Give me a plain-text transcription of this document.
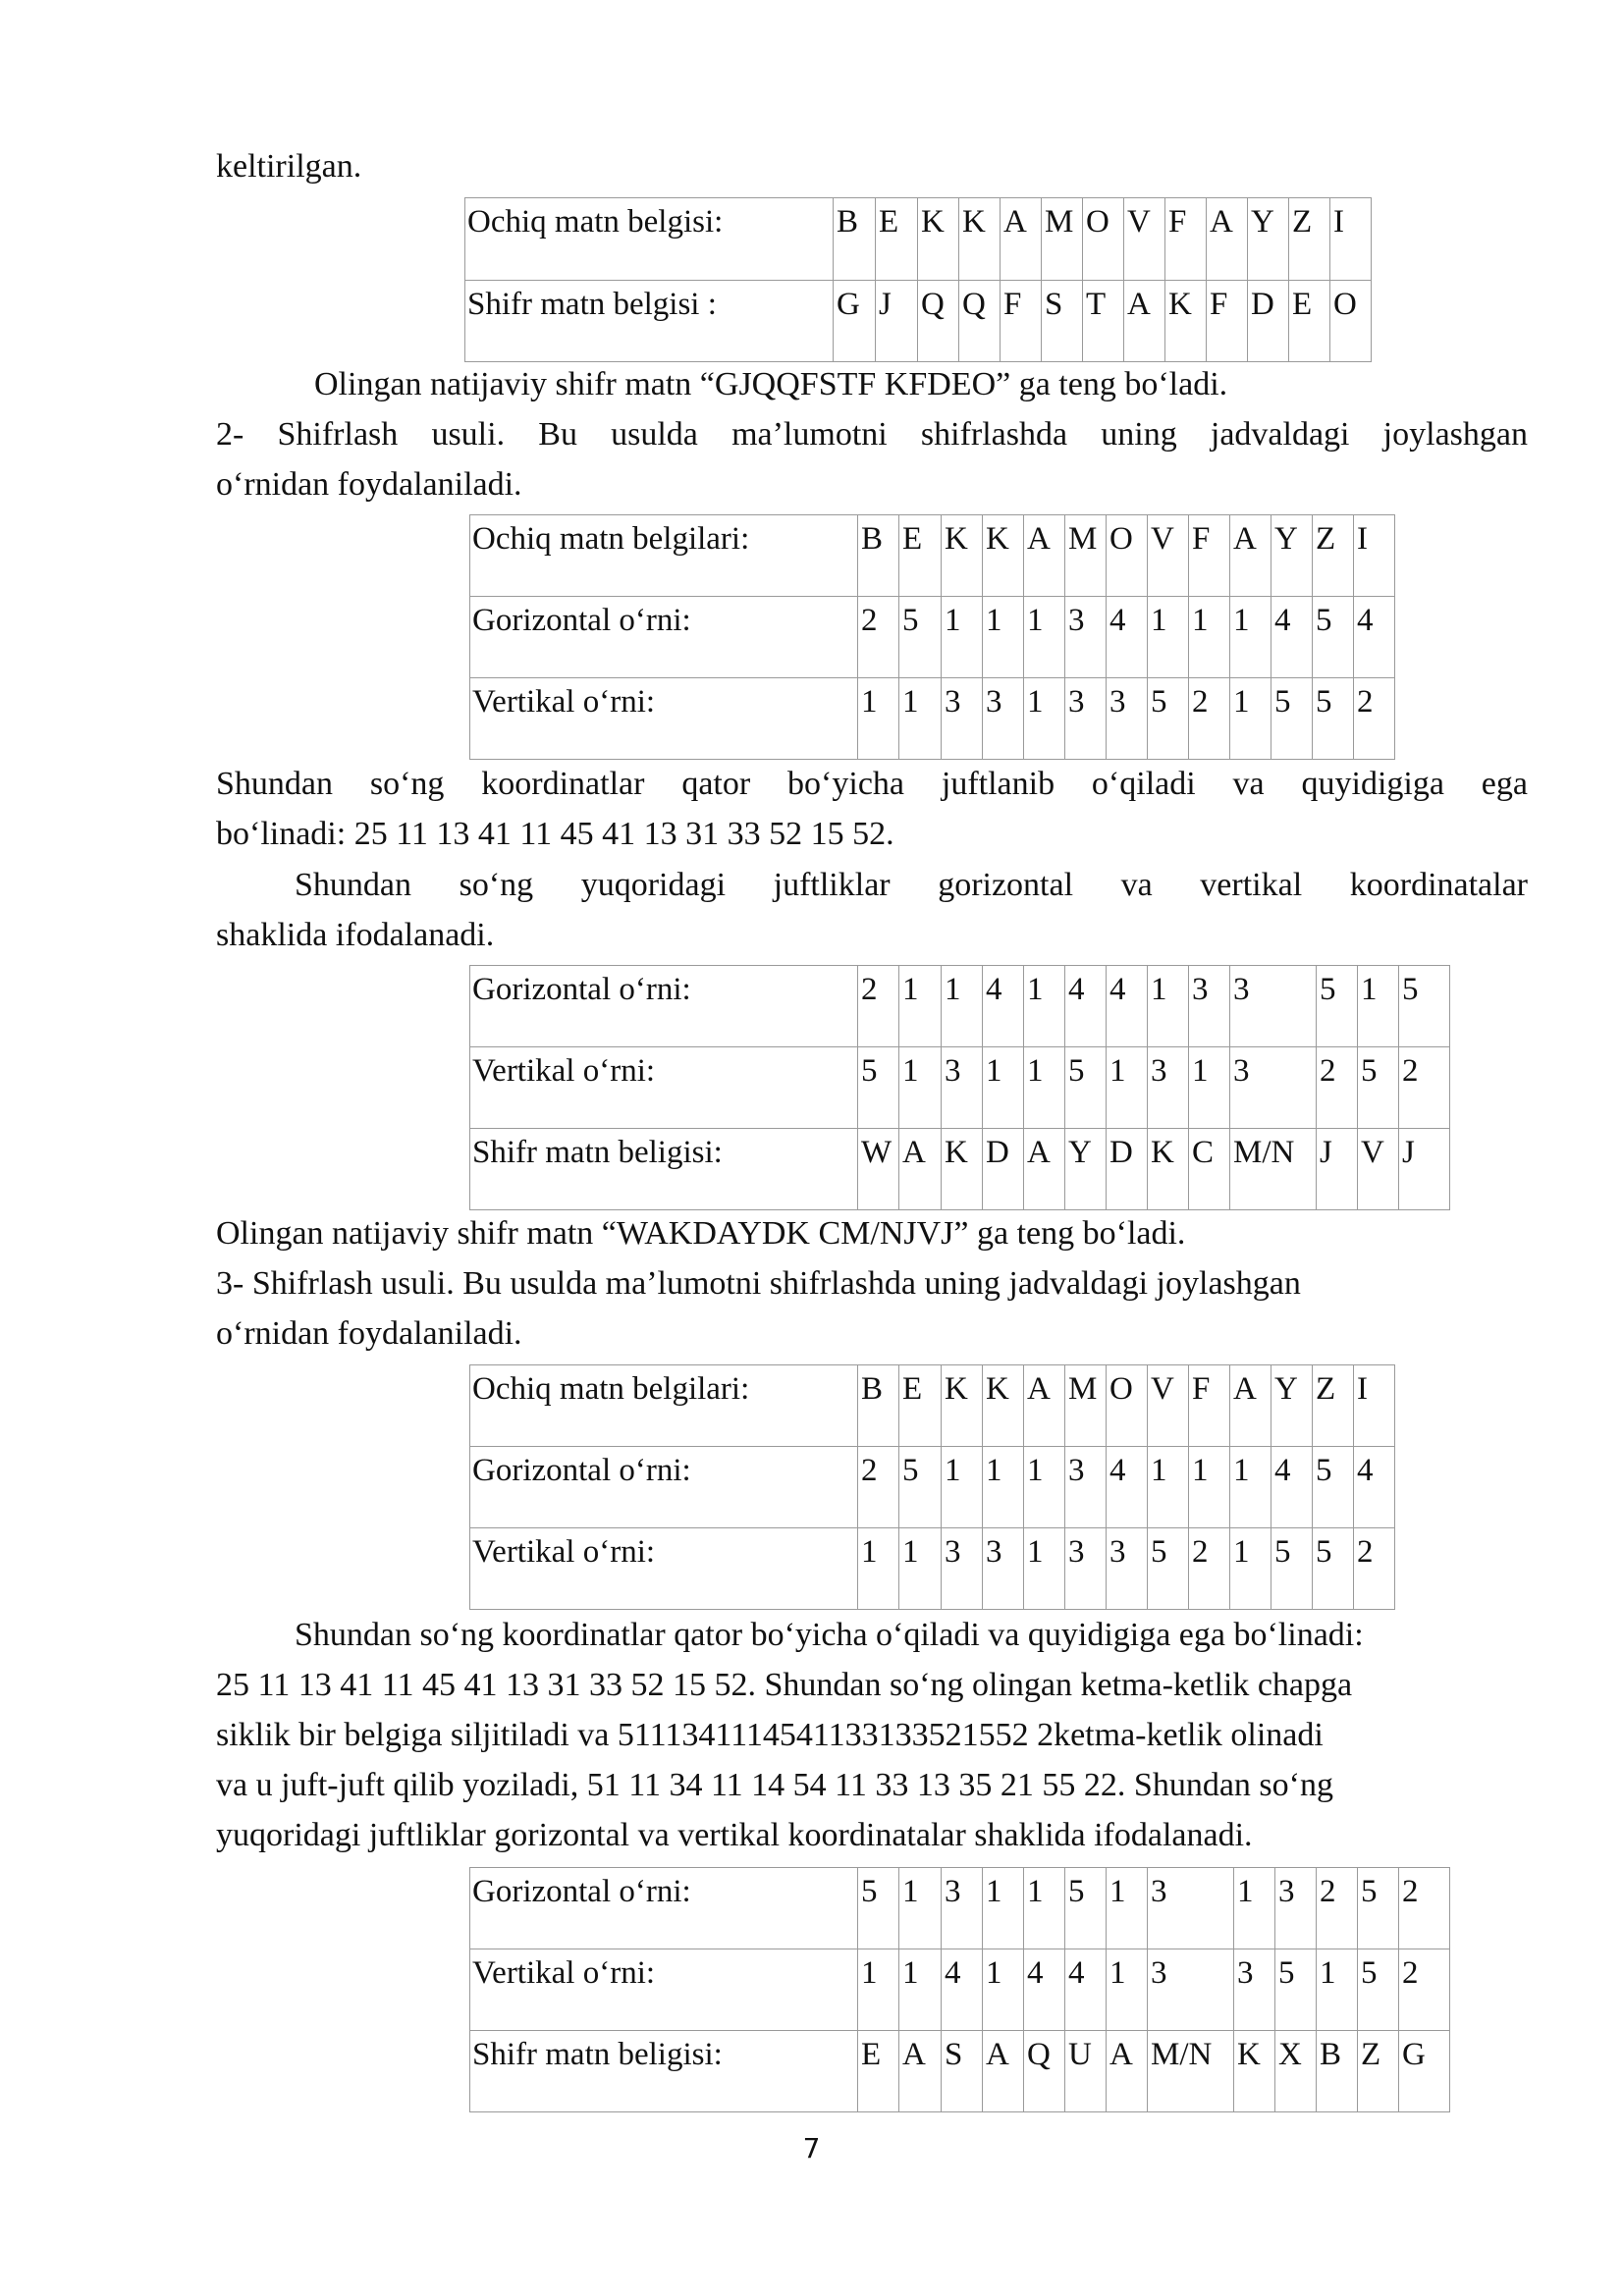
keltirilgan.
Ochiq matn belgisi:	B	E	K	K	A	M	O	V	F	A	Y	Z	I
Shifr matn belgisi :	G	J	Q	Q	F	S	T	A	K	F	D	E	O
Olingan natijaviy shifr matn “GJQQFSTF KFDEO” ga teng bo‘ladi.
2- Shifrlash usuli. Bu usulda ma’lumotni shifrlashda uning jadvaldagi joylashgan
o‘rnidan foydalaniladi.
Ochiq matn belgilari:	B	E	K	K	A	M	O	V	F	A	Y	Z	I
Gorizontal o‘rni:	2	5	1	1	1	3	4	1	1	1	4	5	4
Vertikal o‘rni:	1	1	3	3	1	3	3	5	2	1	5	5	2
Shundan so‘ng koordinatlar qator bo‘yicha juftlanib o‘qiladi va quyidigiga ega
bo‘linadi: 25 11 13 41 11 45 41 13 31 33 52 15 52.
Shundan so‘ng yuqoridagi juftliklar gorizontal va vertikal koordinatalar
shaklida ifodalanadi.
Gorizontal o‘rni:	2	1	1	4	1	4	4	1	3	3	5	1	5
Vertikal o‘rni:	5	1	3	1	1	5	1	3	1	3	2	5	2
Shifr matn beligisi:	W	A	K	D	A	Y	D	K	C	M/N	J	V	J
Olingan natijaviy shifr matn “WAKDAYDK CM/NJVJ” ga teng bo‘ladi.
3- Shifrlash usuli. Bu usulda ma’lumotni shifrlashda uning jadvaldagi joylashgan
o‘rnidan foydalaniladi.
Ochiq matn belgilari:	B	E	K	K	A	M	O	V	F	A	Y	Z	I
Gorizontal o‘rni:	2	5	1	1	1	3	4	1	1	1	4	5	4
Vertikal o‘rni:	1	1	3	3	1	3	3	5	2	1	5	5	2
Shundan so‘ng koordinatlar qator bo‘yicha o‘qiladi va quyidigiga ega bo‘linadi:
25 11 13 41 11 45 41 13 31 33 52 15 52. Shundan so‘ng olingan ketma-ketlik chapga
siklik bir belgiga siljitiladi va 5111341114541133133521552 2ketma-ketlik olinadi
va u juft-juft qilib yoziladi, 51 11 34 11 14 54 11 33 13 35 21 55 22. Shundan so‘ng
yuqoridagi juftliklar gorizontal va vertikal koordinatalar shaklida ifodalanadi.
Gorizontal o‘rni:	5	1	3	1	1	5	1	3	1	3	2	5	2
Vertikal o‘rni:	1	1	4	1	4	4	1	3	3	5	1	5	2
Shifr matn beligisi:	E	A	S	A	Q	U	A	M/N	K	X	B	Z	G
7
